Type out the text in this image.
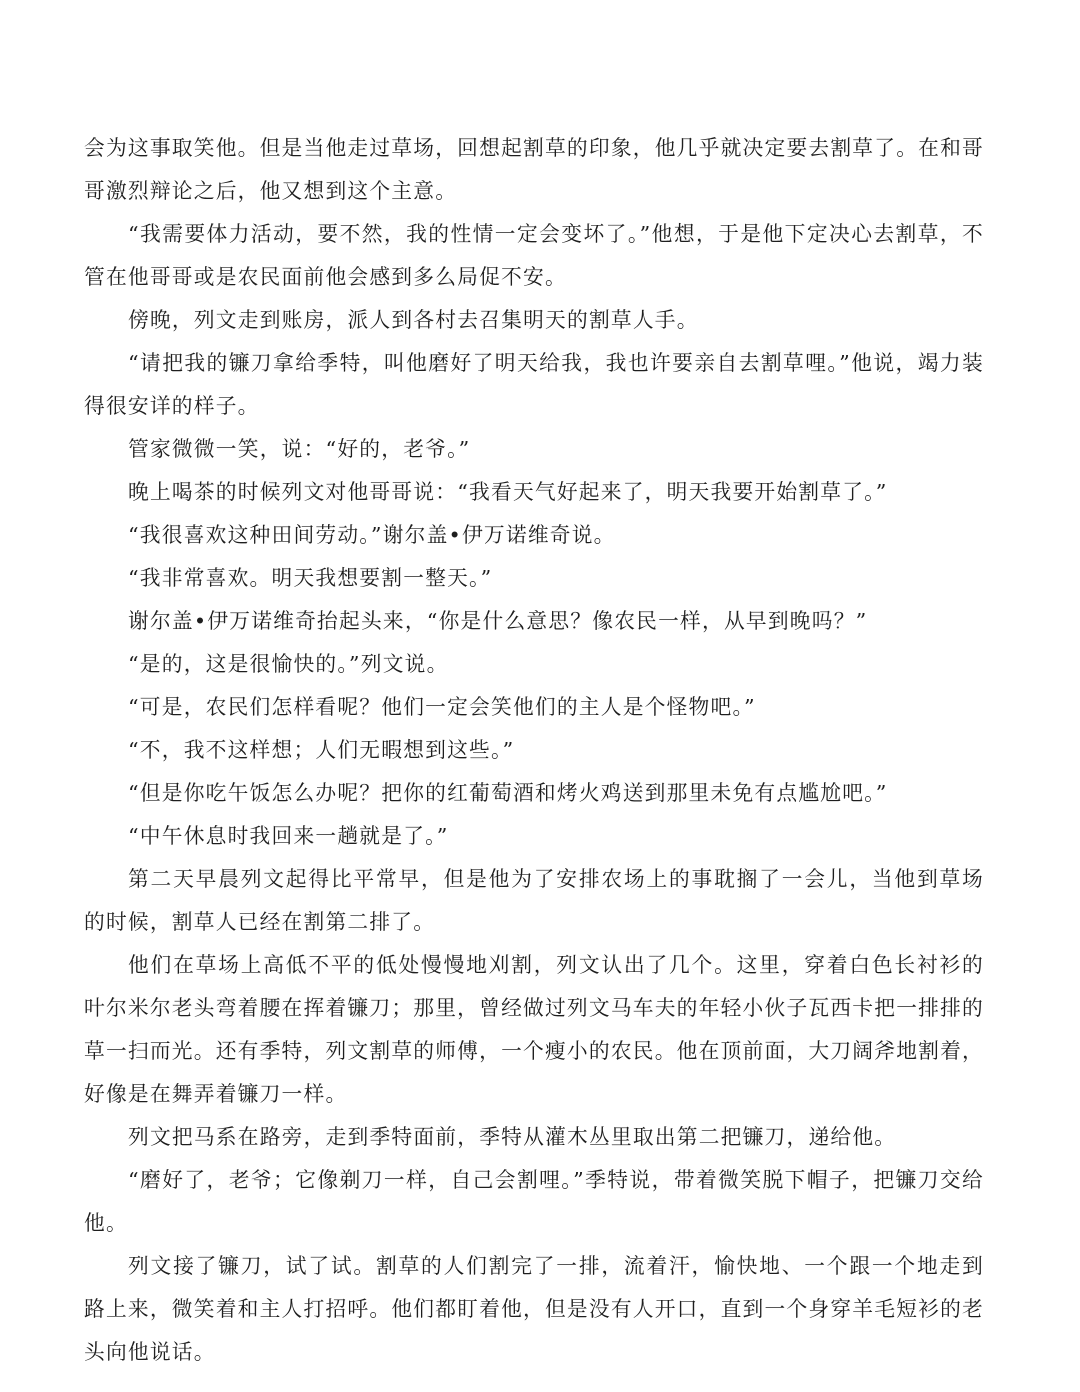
会为这事取笑他。但是当他走过草场，回想起割草的印象，他几乎就决定要去割草了。在和哥哥激烈辩论之后，他又想到这个主意。

“我需要体力活动，要不然，我的性情一定会变坏了。”他想，于是他下定决心去割草，不管在他哥哥或是农民面前他会感到多么局促不安。

傍晚，列文走到账房，派人到各村去召集明天的割草人手。

“请把我的镰刀拿给季特，叫他磨好了明天给我，我也许要亲自去割草哩。”他说，竭力装得很安详的样子。

管家微微一笑，说：“好的，老爷。”

晚上喝茶的时候列文对他哥哥说：“我看天气好起来了，明天我要开始割草了。”

“我很喜欢这种田间劳动。”谢尔盖•伊万诺维奇说。

“我非常喜欢。明天我想要割一整天。”

谢尔盖•伊万诺维奇抬起头来，“你是什么意思？像农民一样，从早到晚吗？”

“是的，这是很愉快的。”列文说。

“可是，农民们怎样看呢？他们一定会笑他们的主人是个怪物吧。”

“不，我不这样想；人们无暇想到这些。”

“但是你吃午饭怎么办呢？把你的红葡萄酒和烤火鸡送到那里未免有点尴尬吧。”

“中午休息时我回来一趟就是了。”

第二天早晨列文起得比平常早，但是他为了安排农场上的事耽搁了一会儿，当他到草场的时候，割草人已经在割第二排了。

他们在草场上高低不平的低处慢慢地刈割，列文认出了几个。这里，穿着白色长衬衫的叶尔米尔老头弯着腰在挥着镰刀；那里，曾经做过列文马车夫的年轻小伙子瓦西卡把一排排的草一扫而光。还有季特，列文割草的师傅，一个瘦小的农民。他在顶前面，大刀阔斧地割着，好像是在舞弄着镰刀一样。

列文把马系在路旁，走到季特面前，季特从灌木丛里取出第二把镰刀，递给他。

“磨好了，老爷；它像剃刀一样，自己会割哩。”季特说，带着微笑脱下帽子，把镰刀交给他。

列文接了镰刀，试了试。割草的人们割完了一排，流着汗，愉快地、一个跟一个地走到路上来，微笑着和主人打招呼。他们都盯着他，但是没有人开口，直到一个身穿羊毛短衫的老头向他说话。
